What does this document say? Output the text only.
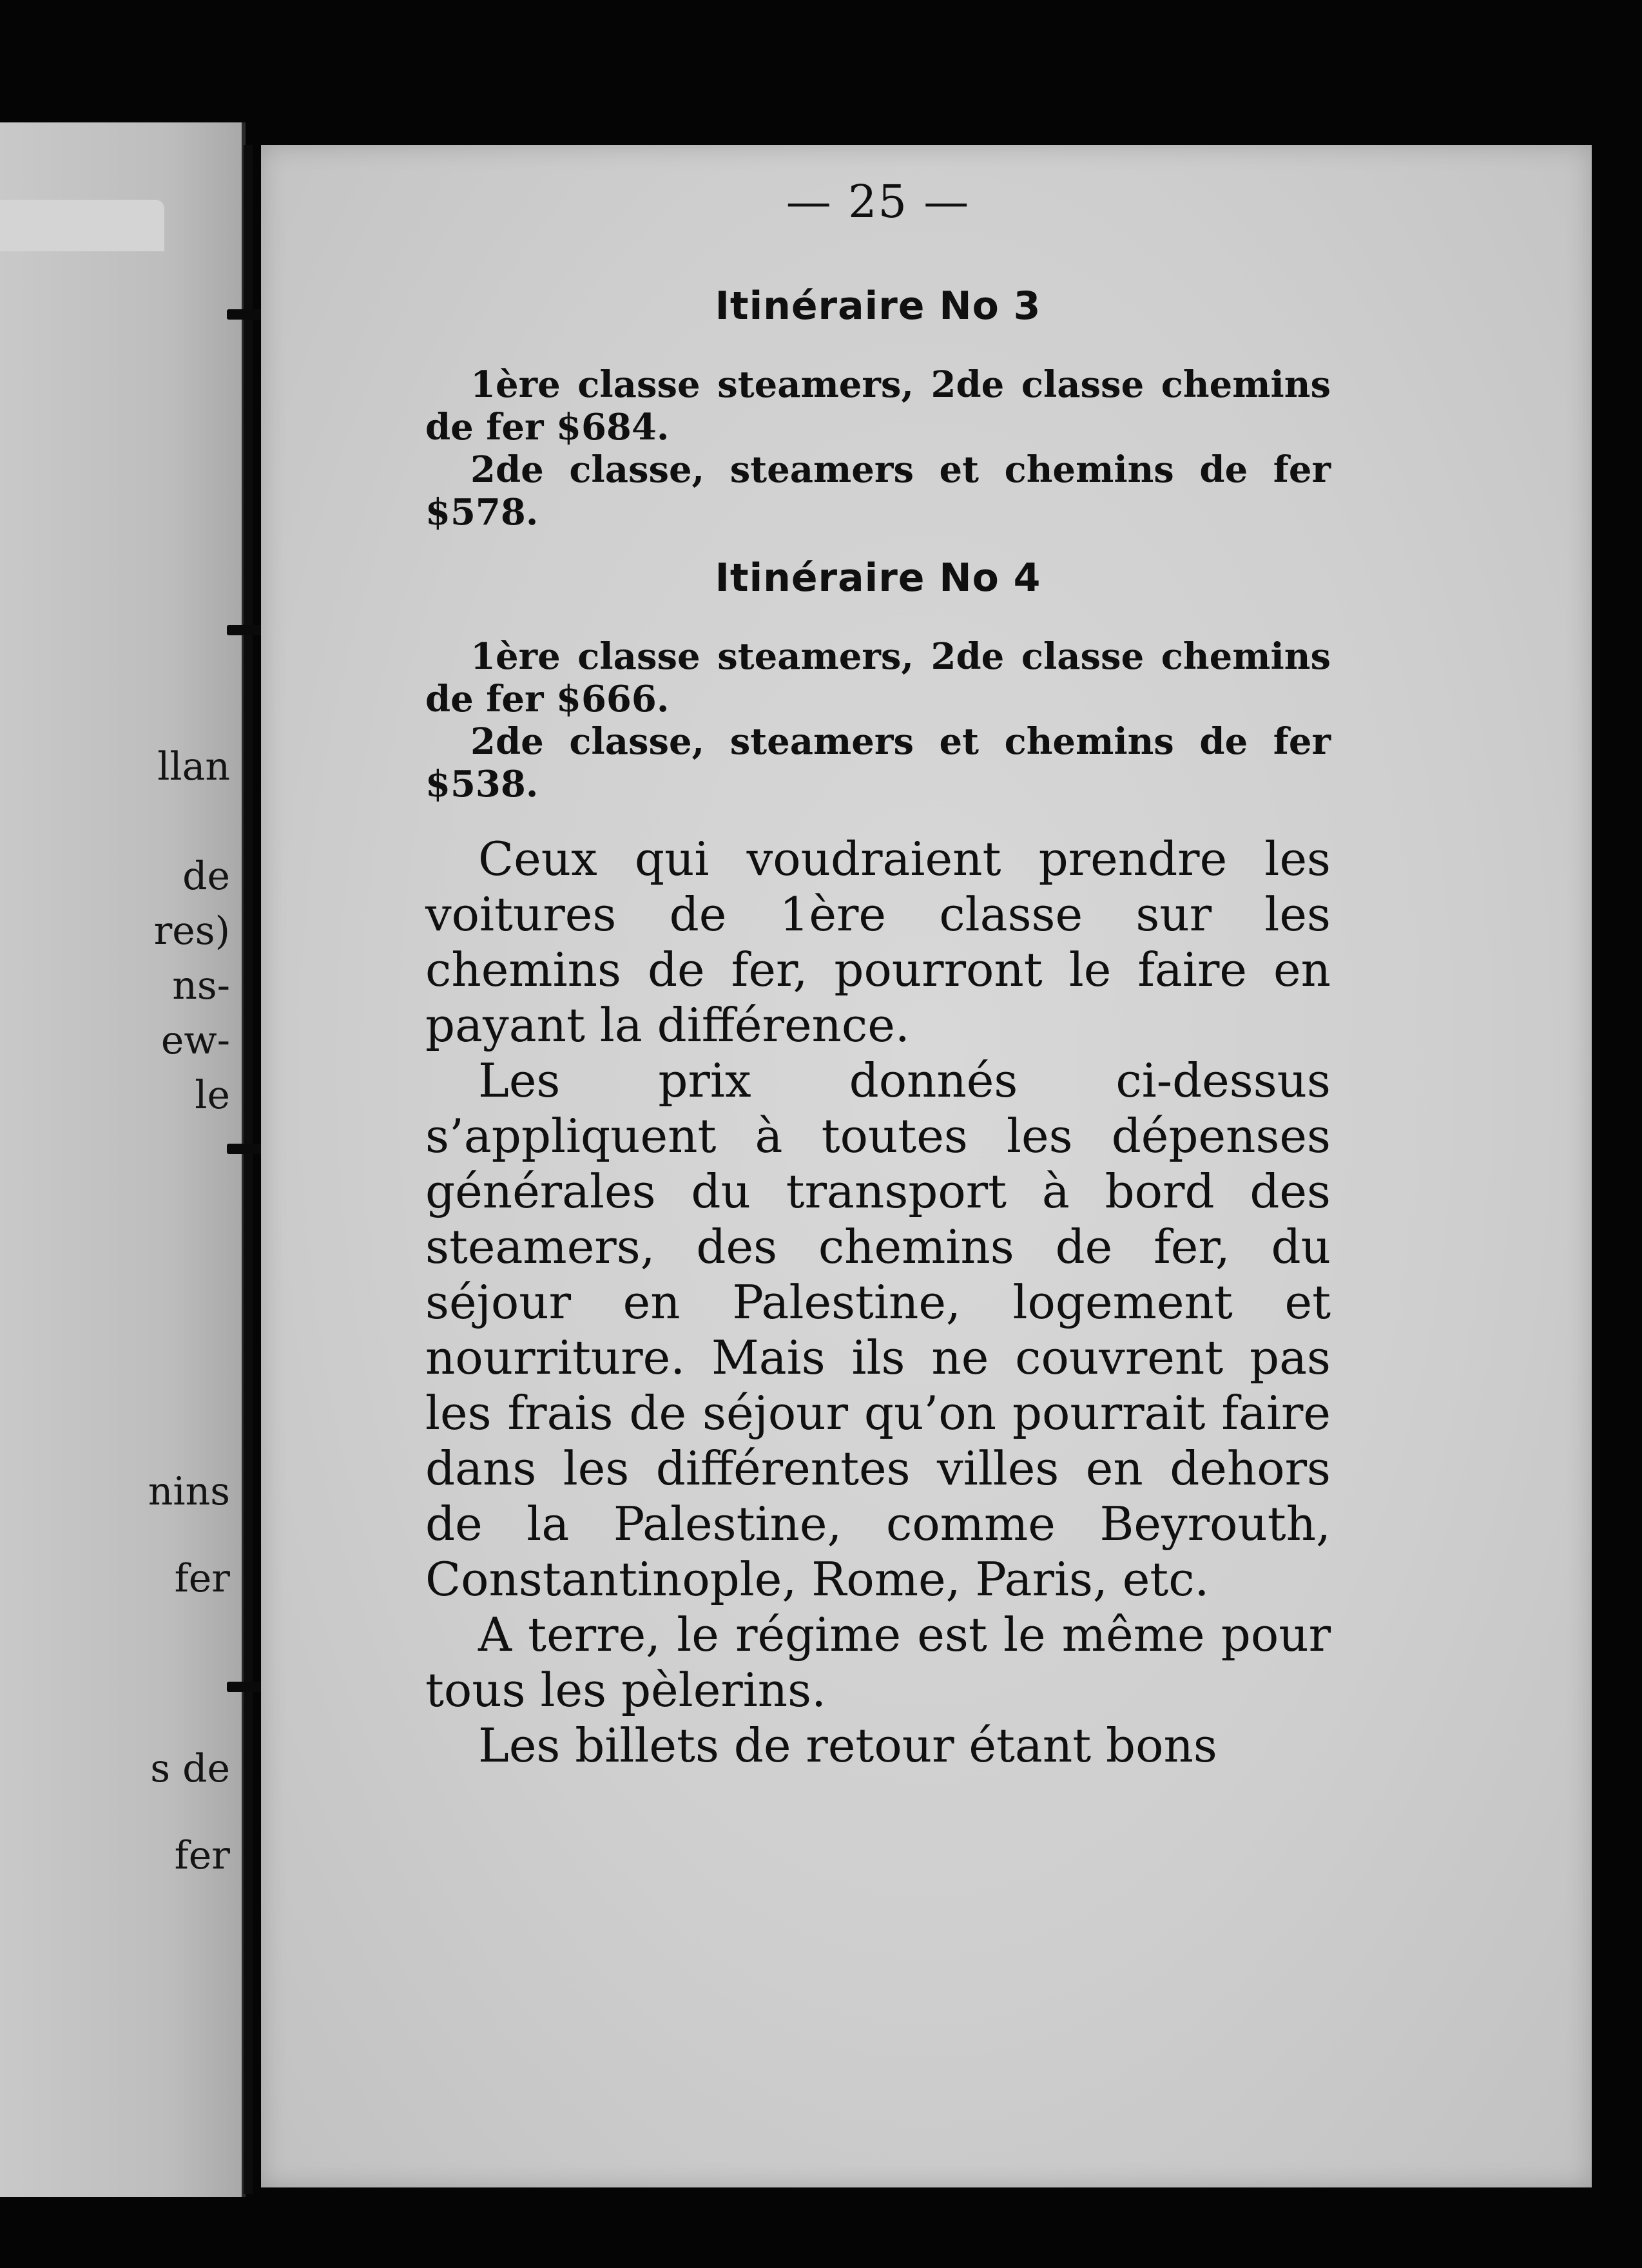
llan
de
res)
ns-
ew-
le
nins
fer
s de
fer
— 25 —
Itinéraire No 3

1ère classe steamers, 2de classe chemins de fer $684.

2de classe, steamers et chemins de fer $578.

Itinéraire No 4

1ère classe steamers, 2de classe chemins de fer $666.

2de classe, steamers et chemins de fer $538.

Ceux qui voudraient prendre les voitures de 1ère classe sur les chemins de fer, pourront le faire en payant la différence.

Les prix donnés ci-dessus s’appliquent à toutes les dépenses générales du transport à bord des steamers, des chemins de fer, du séjour en Palestine, logement et nourriture. Mais ils ne couvrent pas les frais de séjour qu’on pourrait faire dans les différentes villes en dehors de la Palestine, comme Beyrouth, Constantinople, Rome, Paris, etc.

A terre, le régime est le même pour tous les pèlerins.

Les billets de retour étant bons
